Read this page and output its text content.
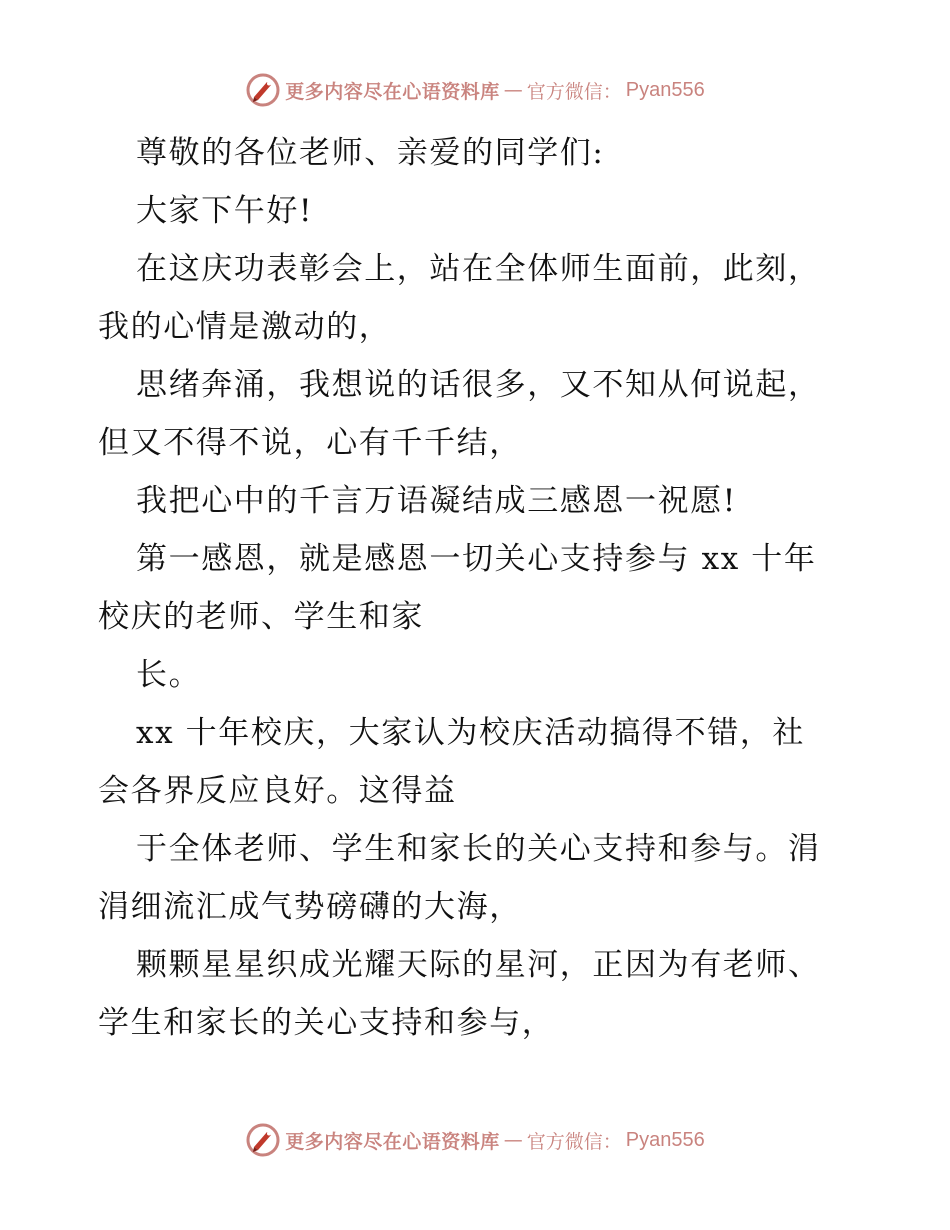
更多内容尽在心语资料库 — 官方微信： Pyan556
尊敬的各位老师、亲爱的同学们:
大家下午好!
在这庆功表彰会上，站在全体师生面前，此刻，
我的心情是激动的，
思绪奔涌，我想说的话很多，又不知从何说起，
但又不得不说，心有千千结，
我把心中的千言万语凝结成三感恩一祝愿!
第一感恩，就是感恩一切关心支持参与 xx 十年
校庆的老师、学生和家
长。
xx 十年校庆，大家认为校庆活动搞得不错，社
会各界反应良好。这得益
于全体老师、学生和家长的关心支持和参与。涓
涓细流汇成气势磅礴的大海，
颗颗星星织成光耀天际的星河，正因为有老师、
学生和家长的关心支持和参与，
更多内容尽在心语资料库 — 官方微信： Pyan556
